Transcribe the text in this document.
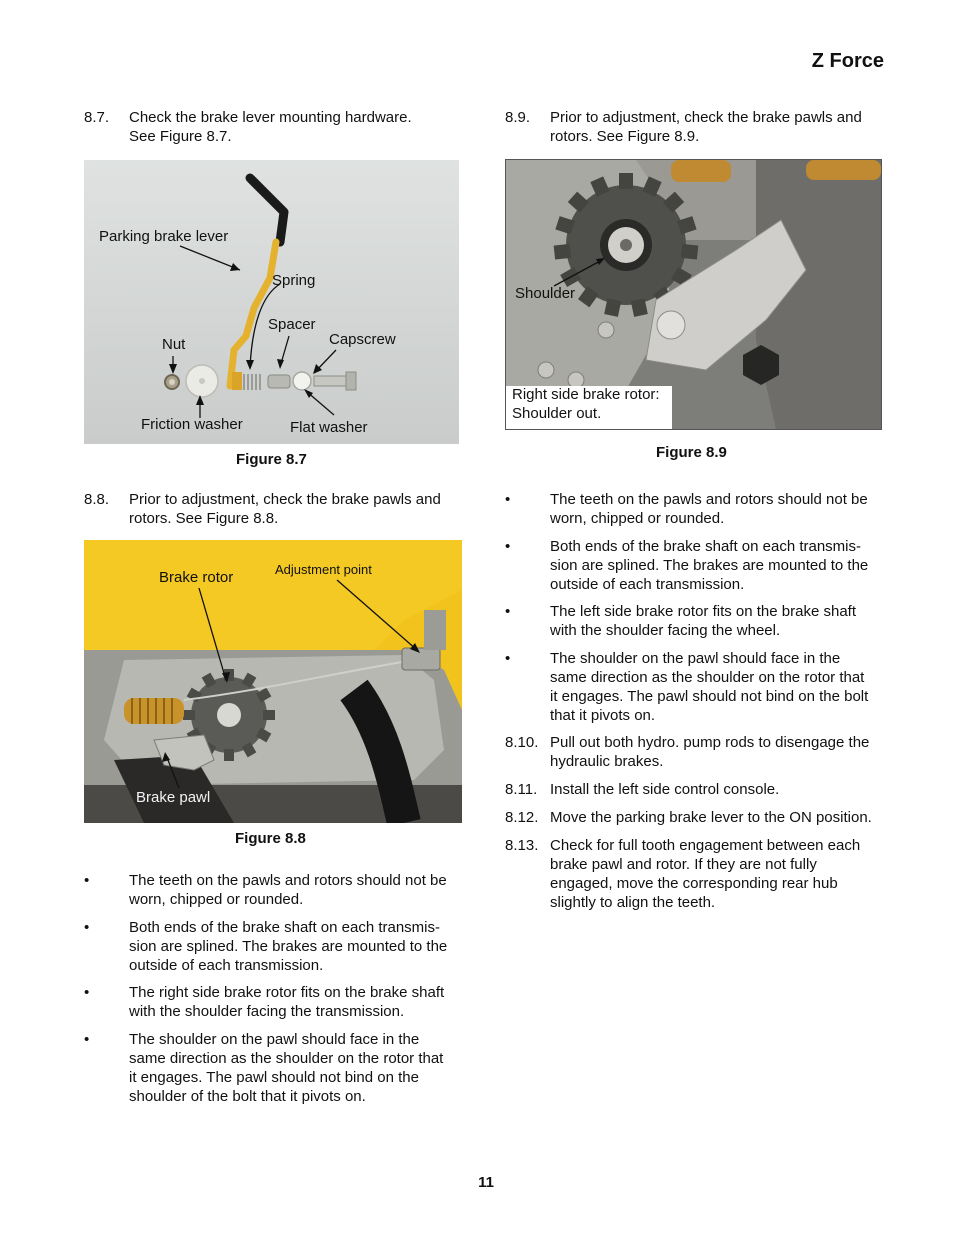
Z Force
8.7. Check the brake lever mounting hardware.
See Figure 8.7.
Parking brake lever
Spring
Spacer
Nut	Capscrew
Friction washer	Flat washer
Figure 8.7
8.8. Prior to adjustment, check the brake pawls and
rotors. See Figure 8.8.
Brake rotor	Adjustment point
Brake pawl
Figure 8.8
•	The teeth on the pawls and rotors should not be
worn, chipped or rounded.
•	Both ends of the brake shaft on each transmis-
sion are splined. The brakes are mounted to the
outside of each transmission.
•	The right side brake rotor fits on the brake shaft
with the shoulder facing the transmission.
•	The shoulder on the pawl should face in the
same direction as the shoulder on the rotor that
it engages. The pawl should not bind on the
shoulder of the bolt that it pivots on.
8.9. Prior to adjustment, check the brake pawls and
rotors. See Figure 8.9.
Shoulder
Right side brake rotor:
Shoulder out.
Figure 8.9
•	The teeth on the pawls and rotors should not be
worn, chipped or rounded.
•	Both ends of the brake shaft on each transmis-
sion are splined. The brakes are mounted to the
outside of each transmission.
•	The left side brake rotor fits on the brake shaft
with the shoulder facing the wheel.
•	The shoulder on the pawl should face in the
same direction as the shoulder on the rotor that
it engages. The pawl should not bind on the bolt
that it pivots on.
8.10. Pull out both hydro. pump rods to disengage the
hydraulic brakes.
8.11. Install the left side control console.
8.12. Move the parking brake lever to the ON position.
8.13. Check for full tooth engagement between each
brake pawl and rotor. If they are not fully
engaged, move the corresponding rear hub
slightly to align the teeth.
11
